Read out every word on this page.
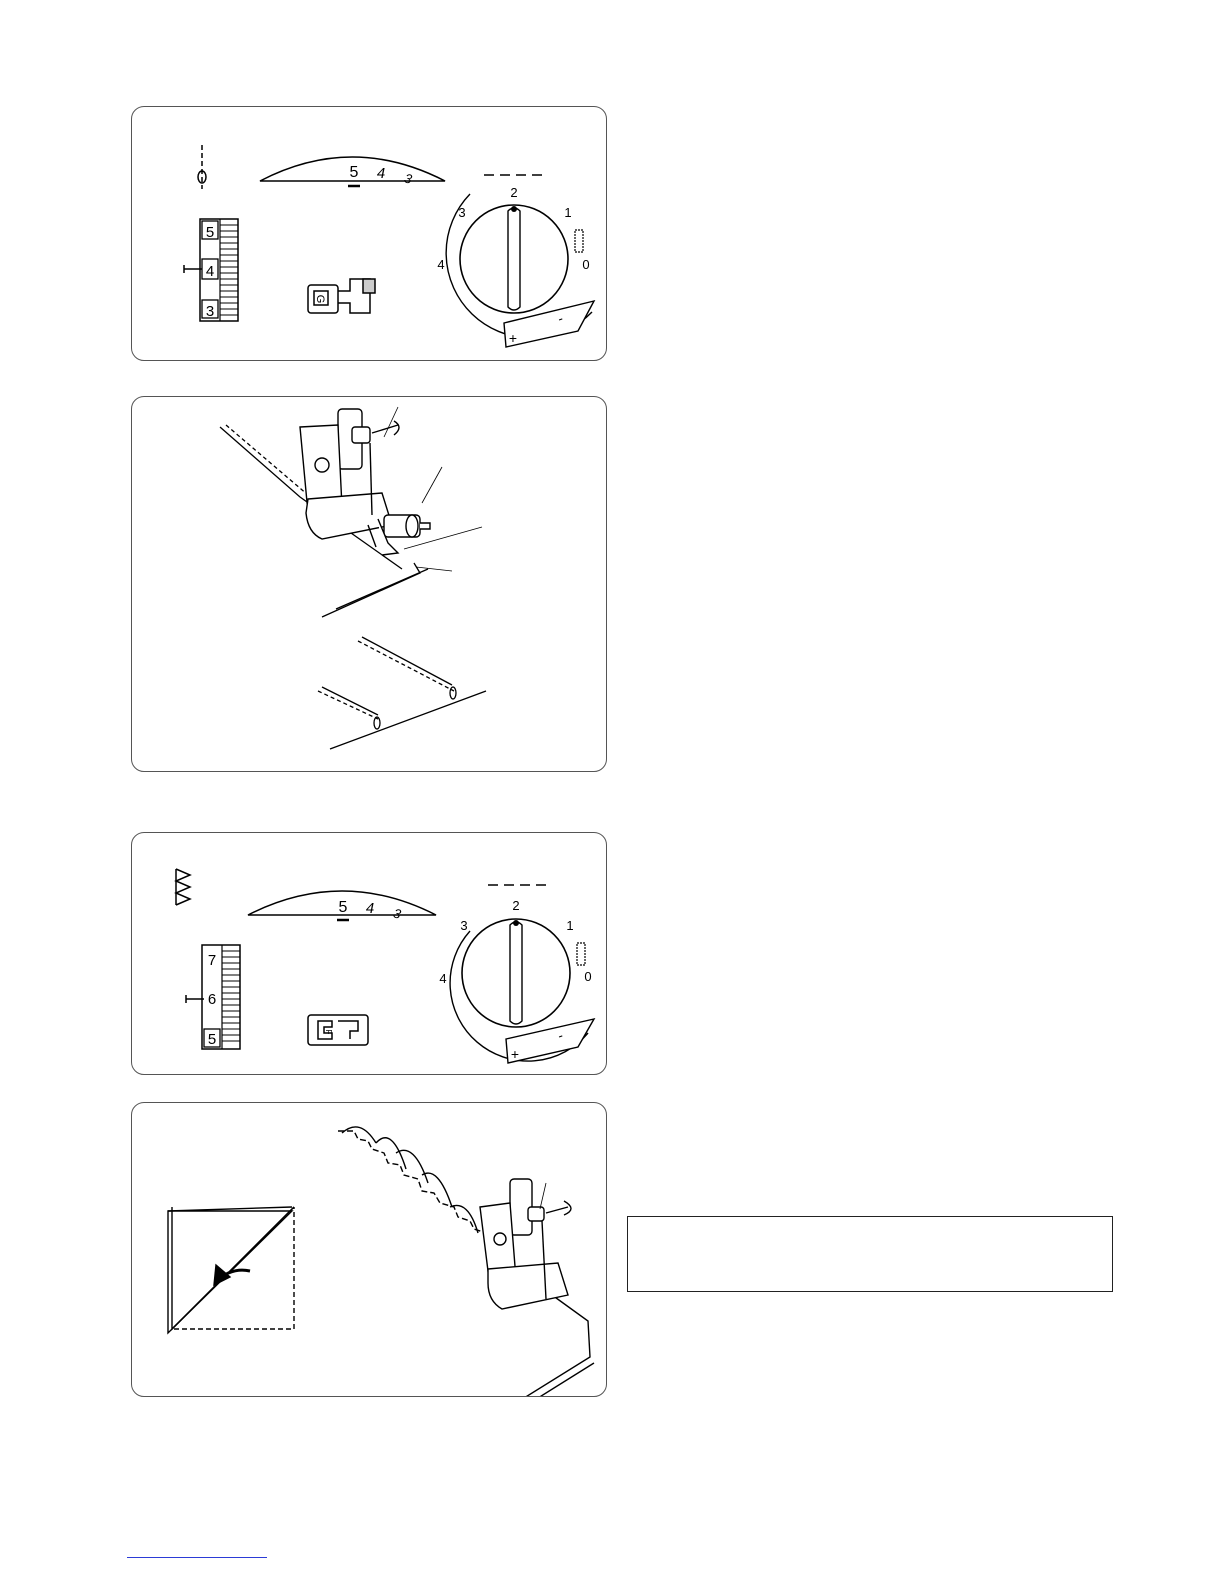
5 4 3
5
4
3
G
2
3	1
4	0
+
-
5 4 3
7
6
5	F
2
3	1
4	0
+
-
